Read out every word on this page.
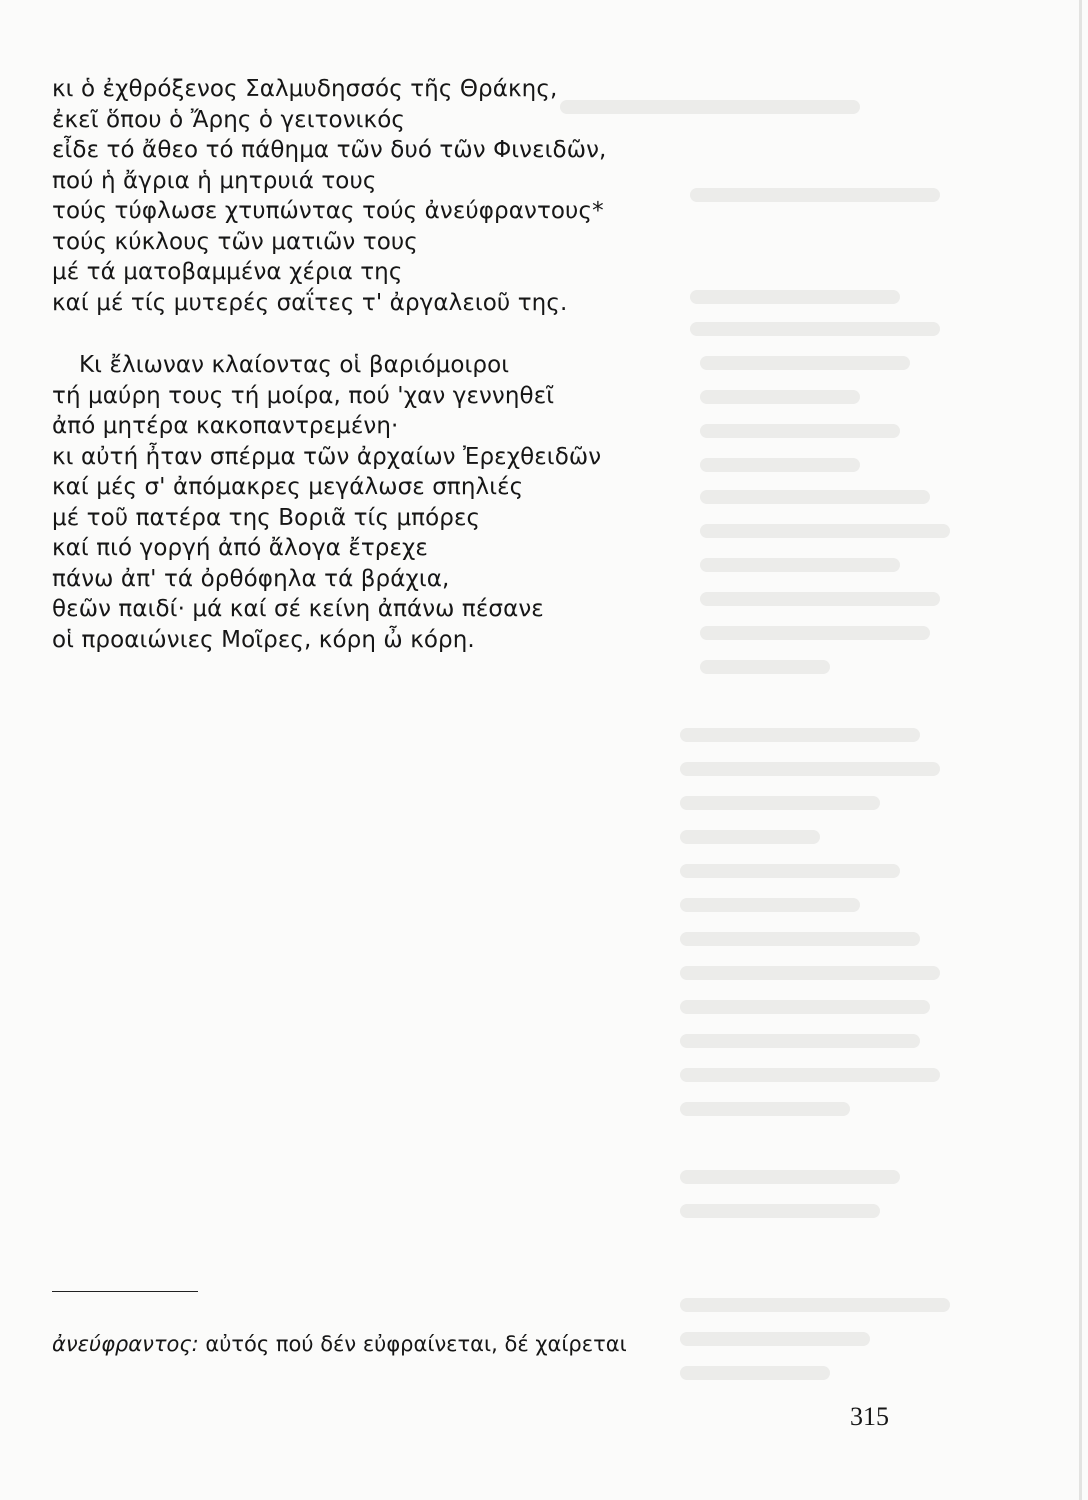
κι ὁ ἐχθρόξενος Σαλμυδησσός τῆς Θράκης,
ἐκεῖ ὅπου ὁ Ἄρης ὁ γειτονικός
εἶδε τό ἄθεο τό πάθημα τῶν δυό τῶν Φινειδῶν,
πού ἡ ἄγρια ἡ μητρυιά τους
τούς τύφλωσε χτυπώντας τούς ἀνεύφραντους*
τούς κύκλους τῶν ματιῶν τους
μέ τά ματοβαμμένα χέρια της
καί μέ τίς μυτερές σαΐτες τ' ἀργαλειοῦ της.
Κι ἔλιωναν κλαίοντας οἱ βαριόμοιροι
τή μαύρη τους τή μοίρα, πού 'χαν γεννηθεῖ
ἀπό μητέρα κακοπαντρεμένη·
κι αὐτή ἦταν σπέρμα τῶν ἀρχαίων Ἐρεχθειδῶν
καί μές σ' ἀπόμακρες μεγάλωσε σπηλιές
μέ τοῦ πατέρα της Βοριᾶ τίς μπόρες
καί πιό γοργή ἀπό ἄλογα ἔτρεχε
πάνω ἀπ' τά ὀρθόφηλα τά βράχια,
θεῶν παιδί· μά καί σέ κείνη ἀπάνω πέσανε
οἱ προαιώνιες Μοῖρες, κόρη ὦ κόρη.
ἀνεύφραντος: αὐτός πού δέν εὐφραίνεται, δέ χαίρεται
315
